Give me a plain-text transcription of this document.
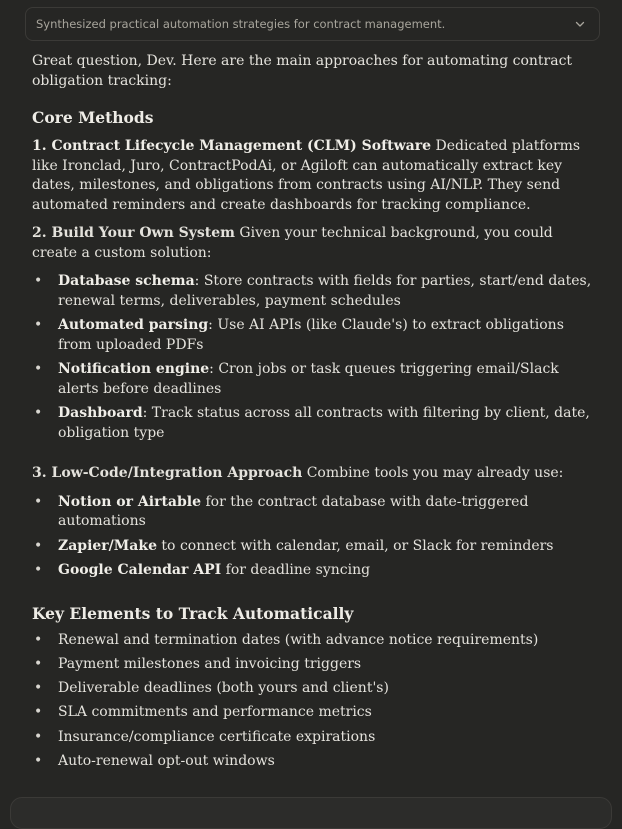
Synthesized practical automation strategies for contract management.

Great question, Dev. Here are the main approaches for automating contract obligation tracking:

Core Methods

1. Contract Lifecycle Management (CLM) Software Dedicated platforms like Ironclad, Juro, ContractPodAi, or Agiloft can automatically extract key dates, milestones, and obligations from contracts using AI/NLP. They send automated reminders and create dashboards for tracking compliance.

2. Build Your Own System Given your technical background, you could create a custom solution:

• Database schema: Store contracts with fields for parties, start/end dates, renewal terms, deliverables, payment schedules
• Automated parsing: Use AI APIs (like Claude's) to extract obligations from uploaded PDFs
• Notification engine: Cron jobs or task queues triggering email/Slack alerts before deadlines
• Dashboard: Track status across all contracts with filtering by client, date, obligation type

3. Low-Code/Integration Approach Combine tools you may already use:

• Notion or Airtable for the contract database with date-triggered automations
• Zapier/Make to connect with calendar, email, or Slack for reminders
• Google Calendar API for deadline syncing
Key Elements to Track Automatically
• Renewal and termination dates (with advance notice requirements)
• Payment milestones and invoicing triggers
• Deliverable deadlines (both yours and client's)
• SLA commitments and performance metrics
• Insurance/compliance certificate expirations
• Auto-renewal opt-out windows
